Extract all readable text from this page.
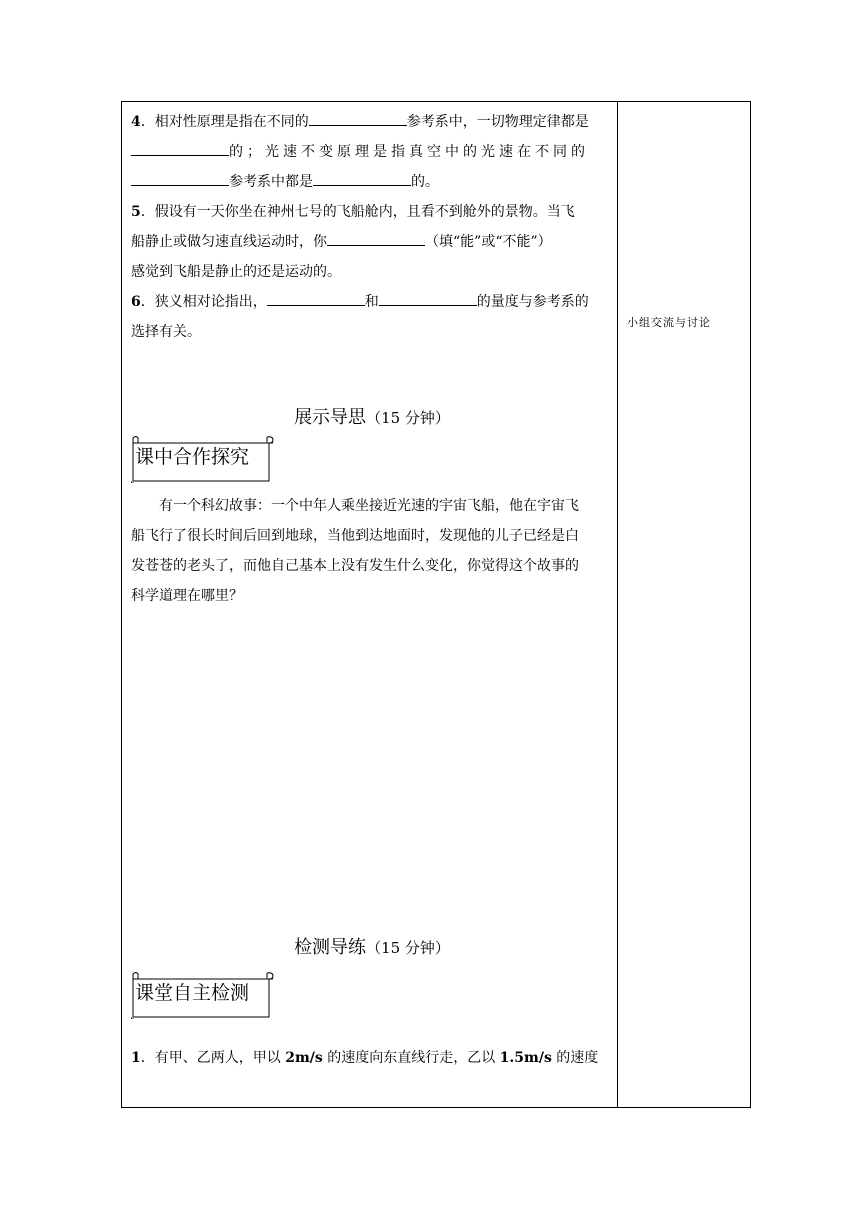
4．相对性原理是指在不同的	参考系中，一切物理定律都是

的；光速不变原理是指真空中的光速在不同的

参考系中都是	的。

5．假设有一天你坐在神州七号的飞船舱内，且看不到舱外的景物。当飞

船静止或做匀速直线运动时，你	（填“能”或“不能”）

感觉到飞船是静止的还是运动的。

6．狭义相对论指出，	和	的量度与参考系的

选择有关。

展示导思（15 分钟）

课中合作探究

有一个科幻故事：一个中年人乘坐接近光速的宇宙飞船，他在宇宙飞

船飞行了很长时间后回到地球，当他到达地面时，发现他的儿子已经是白

发苍苍的老头了，而他自己基本上没有发生什么变化，你觉得这个故事的

科学道理在哪里？

检测导练（15 分钟）

课堂自主检测

1．有甲、乙两人，甲以 2m/s 的速度向东直线行走，乙以 1.5m/s 的速度

小组交流与讨论
